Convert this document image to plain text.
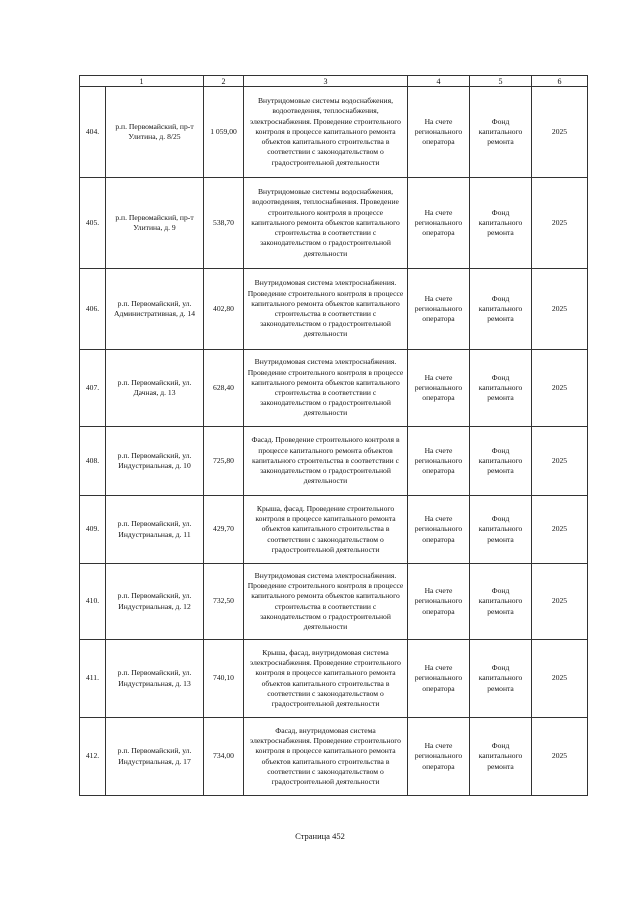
1		2	3	4	5	6
404.	р.п. Первомайский, пр-т Улитина, д. 8/25	1 059,00	Внутридомовые системы водоснабжения, водоотведения, теплоснабжения, электроснабжения. Проведение строительного контроля в процессе капитального ремонта объектов капитального строительства в соответствии с законодательством о градостроительной деятельности	На счете регионального оператора	Фонд капитального ремонта	2025
405.	р.п. Первомайский, пр-т Улитина, д. 9	538,70	Внутридомовые системы водоснабжения, водоотведения, теплоснабжения. Проведение строительного контроля в процессе капитального ремонта объектов капитального строительства в соответствии с законодательством о градостроительной деятельности	На счете регионального оператора	Фонд капитального ремонта	2025
406.	р.п. Первомайский, ул. Административная, д. 14	402,80	Внутридомовая система электроснабжения. Проведение строительного контроля в процессе капитального ремонта объектов капитального строительства в соответствии с законодательством о градостроительной деятельности	На счете регионального оператора	Фонд капитального ремонта	2025
407.	р.п. Первомайский, ул. Дачная, д. 13	628,40	Внутридомовая система электроснабжения. Проведение строительного контроля в процессе капитального ремонта объектов капитального строительства в соответствии с законодательством о градостроительной деятельности	На счете регионального оператора	Фонд капитального ремонта	2025
408.	р.п. Первомайский, ул. Индустриальная, д. 10	725,80	Фасад. Проведение строительного контроля в процессе капитального ремонта объектов капитального строительства в соответствии с законодательством о градостроительной деятельности	На счете регионального оператора	Фонд капитального ремонта	2025
409.	р.п. Первомайский, ул. Индустриальная, д. 11	429,70	Крыша, фасад. Проведение строительного контроля в процессе капитального ремонта объектов капитального строительства в соответствии с законодательством о градостроительной деятельности	На счете регионального оператора	Фонд капитального ремонта	2025
410.	р.п. Первомайский, ул. Индустриальная, д. 12	732,50	Внутридомовая система электроснабжения. Проведение строительного контроля в процессе капитального ремонта объектов капитального строительства в соответствии с законодательством о градостроительной деятельности	На счете регионального оператора	Фонд капитального ремонта	2025
411.	р.п. Первомайский, ул. Индустриальная, д. 13	740,10	Крыша, фасад, внутридомовая система электроснабжения. Проведение строительного контроля в процессе капитального ремонта объектов капитального строительства в соответствии с законодательством о градостроительной деятельности	На счете регионального оператора	Фонд капитального ремонта	2025
412.	р.п. Первомайский, ул. Индустриальная, д. 17	734,00	Фасад, внутридомовая система электроснабжения. Проведение строительного контроля в процессе капитального ремонта объектов капитального строительства в соответствии с законодательством о градостроительной деятельности	На счете регионального оператора	Фонд капитального ремонта	2025
Страница 452
